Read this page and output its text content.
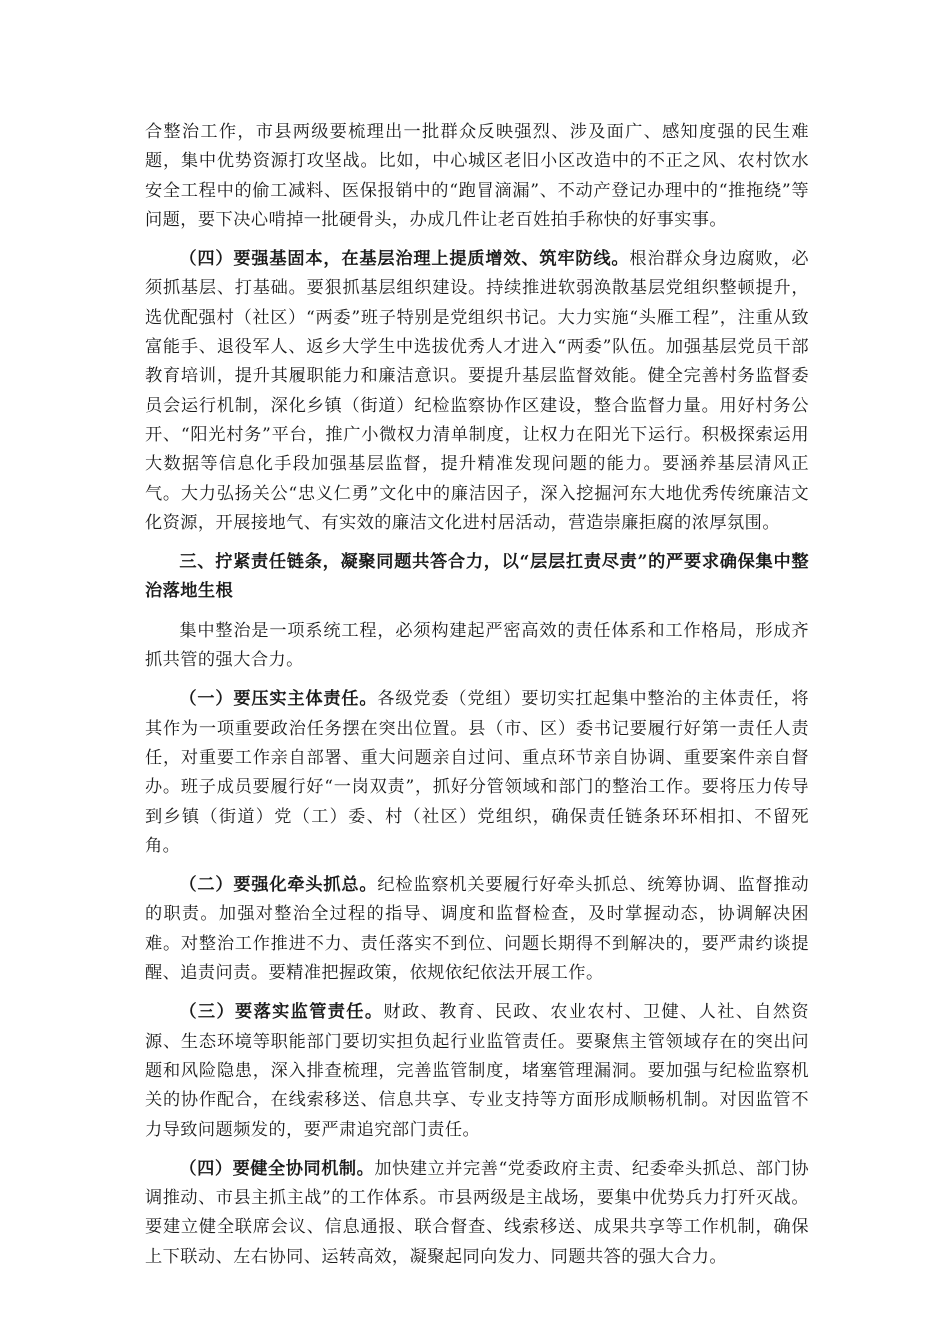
合整治工作，市县两级要梳理出一批群众反映强烈、涉及面广、感知度强的民生难题，集中优势资源打攻坚战。比如，中心城区老旧小区改造中的不正之风、农村饮水安全工程中的偷工减料、医保报销中的“跑冒滴漏”、不动产登记办理中的“推拖绕”等问题，要下决心啃掉一批硬骨头，办成几件让老百姓拍手称快的好事实事。

（四）要强基固本，在基层治理上提质增效、筑牢防线。根治群众身边腐败，必须抓基层、打基础。要狠抓基层组织建设。持续推进软弱涣散基层党组织整顿提升，选优配强村（社区）“两委”班子特别是党组织书记。大力实施“头雁工程”，注重从致富能手、退役军人、返乡大学生中选拔优秀人才进入“两委”队伍。加强基层党员干部教育培训，提升其履职能力和廉洁意识。要提升基层监督效能。健全完善村务监督委员会运行机制，深化乡镇（街道）纪检监察协作区建设，整合监督力量。用好村务公开、“阳光村务”平台，推广小微权力清单制度，让权力在阳光下运行。积极探索运用大数据等信息化手段加强基层监督，提升精准发现问题的能力。要涵养基层清风正气。大力弘扬关公“忠义仁勇”文化中的廉洁因子，深入挖掘河东大地优秀传统廉洁文化资源，开展接地气、有实效的廉洁文化进村居活动，营造崇廉拒腐的浓厚氛围。

三、拧紧责任链条，凝聚同题共答合力，以“层层扛责尽责”的严要求确保集中整治落地生根

集中整治是一项系统工程，必须构建起严密高效的责任体系和工作格局，形成齐抓共管的强大合力。

（一）要压实主体责任。各级党委（党组）要切实扛起集中整治的主体责任，将其作为一项重要政治任务摆在突出位置。县（市、区）委书记要履行好第一责任人责任，对重要工作亲自部署、重大问题亲自过问、重点环节亲自协调、重要案件亲自督办。班子成员要履行好“一岗双责”，抓好分管领域和部门的整治工作。要将压力传导到乡镇（街道）党（工）委、村（社区）党组织，确保责任链条环环相扣、不留死角。

（二）要强化牵头抓总。纪检监察机关要履行好牵头抓总、统筹协调、监督推动的职责。加强对整治全过程的指导、调度和监督检查，及时掌握动态，协调解决困难。对整治工作推进不力、责任落实不到位、问题长期得不到解决的，要严肃约谈提醒、追责问责。要精准把握政策，依规依纪依法开展工作。

（三）要落实监管责任。财政、教育、民政、农业农村、卫健、人社、自然资源、生态环境等职能部门要切实担负起行业监管责任。要聚焦主管领域存在的突出问题和风险隐患，深入排查梳理，完善监管制度，堵塞管理漏洞。要加强与纪检监察机关的协作配合，在线索移送、信息共享、专业支持等方面形成顺畅机制。对因监管不力导致问题频发的，要严肃追究部门责任。

（四）要健全协同机制。加快建立并完善“党委政府主责、纪委牵头抓总、部门协调推动、市县主抓主战”的工作体系。市县两级是主战场，要集中优势兵力打歼灭战。要建立健全联席会议、信息通报、联合督查、线索移送、成果共享等工作机制，确保上下联动、左右协同、运转高效，凝聚起同向发力、同题共答的强大合力。
